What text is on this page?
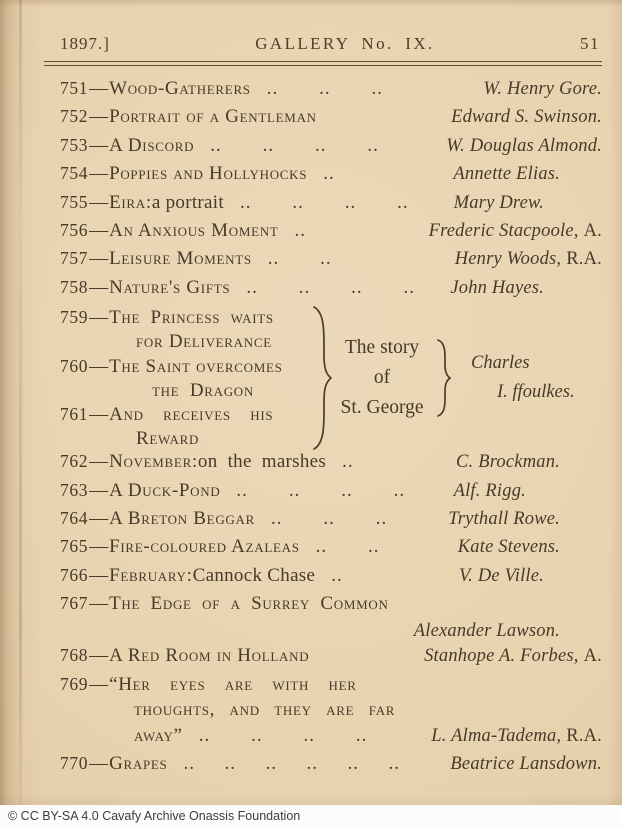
1897.]	GALLERY No. IX.	51
751 — Wood-Gatherers .. .. ..	W. Henry Gore.
752 — Portrait of a Gentleman	Edward S. Swinson.
753 — A Discord .. .. .. ..	W. Douglas Almond.
754 — Poppies and Hollyhocks ..	Annette Elias.
755 — Eira: a portrait .. .. .. ..	Mary Drew.
756 — An Anxious Moment ..	Frederic Stacpoole, A.
757 — Leisure Moments .. ..	Henry Woods, R.A.
758 — Nature's Gifts .. .. .. ..	John Hayes.
759—The Princess waits
for Deliverance
760—The Saint overcomes
the Dragon
761—And receives his
Reward
The story
of
St. George
Charles
I. ffoulkes.
762 — November: on the marshes ..	C. Brockman.
763 — A Duck-Pond .. .. .. ..	Alf. Rigg.
764 — A Breton Beggar .. .. ..	Trythall Rowe.
765 — Fire-coloured Azaleas .. ..	Kate Stevens.
766 — February: Cannock Chase ..	V. De Ville.
767 — The Edge of a Surrey Common
Alexander Lawson.
768 — A Red Room in Holland	Stanhope A. Forbes, A.
769—“Her eyes are with her
thoughts, and they are far
away” .. .. .. ..	L. Alma-Tadema, R.A.
770 — Grapes .. .. .. .. .. ..	Beatrice Lansdown.
© CC BY-SA 4.0 Cavafy Archive Onassis Foundation
